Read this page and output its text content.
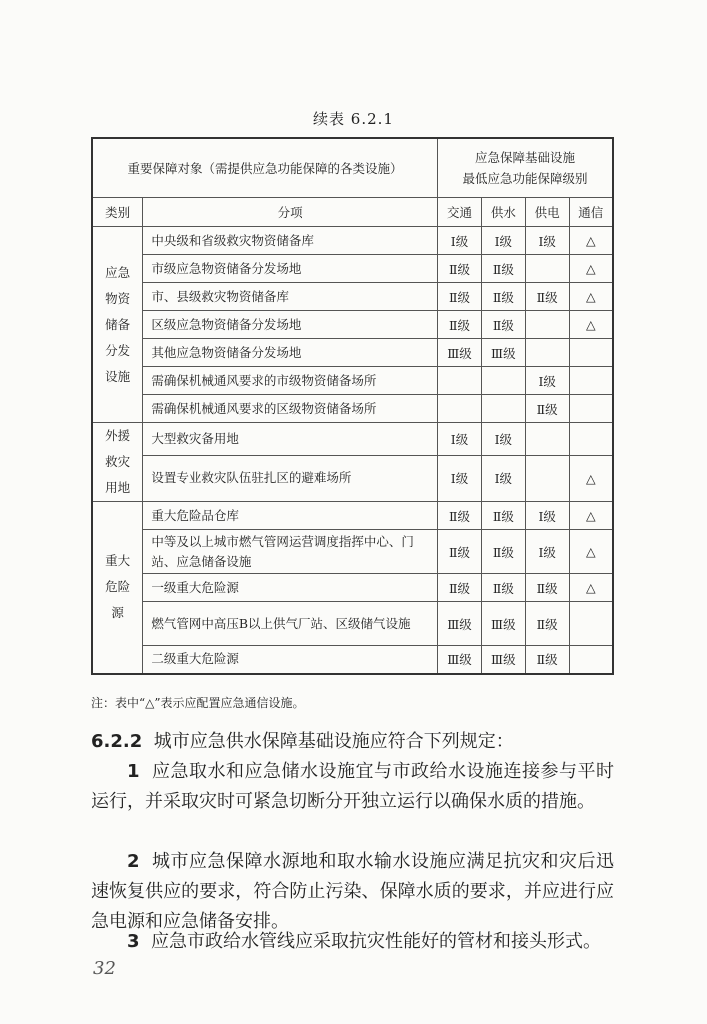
续表 6.2.1
重要保障对象（需提供应急功能保障的各类设施）		应急保障基础设施
最低应急功能保障级别			

类别	分项	交通	供水	供电	通信

应急
物资
储备
分发
设施	中央级和省级救灾物资储备库	Ⅰ级	Ⅰ级	Ⅰ级	△
	市级应急物资储备分发场地	Ⅱ级	Ⅱ级		△
	市、县级救灾物资储备库	Ⅱ级	Ⅱ级	Ⅱ级	△
	区级应急物资储备分发场地	Ⅱ级	Ⅱ级		△
	其他应急物资储备分发场地	Ⅲ级	Ⅲ级		
	需确保机械通风要求的市级物资储备场所			Ⅰ级	
	需确保机械通风要求的区级物资储备场所			Ⅱ级	

外援
救灾
用地	大型救灾备用地	Ⅰ级	Ⅰ级		
	设置专业救灾队伍驻扎区的避难场所	Ⅰ级	Ⅰ级		△

重大
危险
源	重大危险品仓库	Ⅱ级	Ⅱ级	Ⅰ级	△
	中等及以上城市燃气管网运营调度指挥中心、门站、应急储备设施	Ⅱ级	Ⅱ级	Ⅰ级	△
	一级重大危险源	Ⅱ级	Ⅱ级	Ⅱ级	△
	燃气管网中高压B以上供气厂站、区级储气设施	Ⅲ级	Ⅲ级	Ⅱ级	
	二级重大危险源	Ⅲ级	Ⅲ级	Ⅱ级	
注：表中“△”表示应配置应急通信设施。

6.2.2 城市应急供水保障基础设施应符合下列规定：

1 应急取水和应急储水设施宜与市政给水设施连接参与平时运行，并采取灾时可紧急切断分开独立运行以确保水质的措施。

2 城市应急保障水源地和取水输水设施应满足抗灾和灾后迅速恢复供应的要求，符合防止污染、保障水质的要求，并应进行应急电源和应急储备安排。

3 应急市政给水管线应采取抗灾性能好的管材和接头形式。

32
